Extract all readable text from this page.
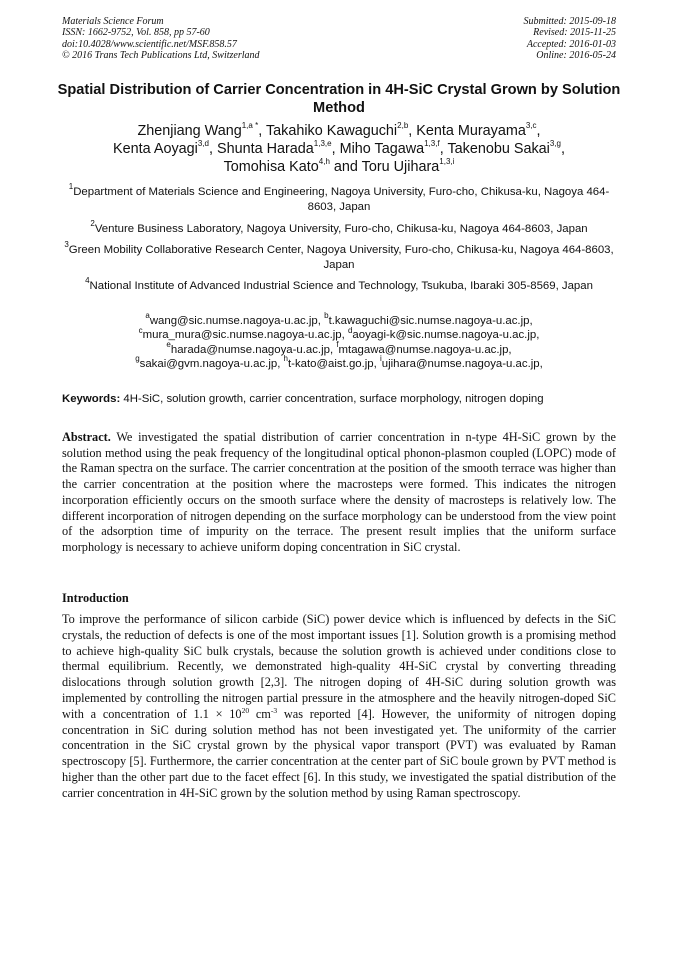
Materials Science Forum
ISSN: 1662-9752, Vol. 858, pp 57-60
doi:10.4028/www.scientific.net/MSF.858.57
© 2016 Trans Tech Publications Ltd, Switzerland
Submitted: 2015-09-18
Revised: 2015-11-25
Accepted: 2016-01-03
Online: 2016-05-24
Spatial Distribution of Carrier Concentration in 4H-SiC Crystal Grown by Solution Method
Zhenjiang Wang$^{1,a *}$, Takahiko Kawaguchi$^{2,b}$, Kenta Murayama$^{3,c}$,
Kenta Aoyagi$^{3,d}$, Shunta Harada$^{1,3,e}$, Miho Tagawa$^{1,3,f}$, Takenobu Sakai$^{3,g}$,
Tomohisa Kato$^{4,h}$ and Toru Ujihara$^{1,3,i}$
$^1$Department of Materials Science and Engineering, Nagoya University, Furo-cho, Chikusa-ku, Nagoya 464-8603, Japan
$^2$Venture Business Laboratory, Nagoya University, Furo-cho, Chikusa-ku, Nagoya 464-8603, Japan
$^3$Green Mobility Collaborative Research Center, Nagoya University, Furo-cho, Chikusa-ku, Nagoya 464-8603, Japan
$^4$National Institute of Advanced Industrial Science and Technology, Tsukuba, Ibaraki 305-8569, Japan
$^a$wang@sic.numse.nagoya-u.ac.jp, $^b$t.kawaguchi@sic.numse.nagoya-u.ac.jp,
$^c$mura_mura@sic.numse.nagoya-u.ac.jp, $^d$aoyagi-k@sic.numse.nagoya-u.ac.jp,
$^e$harada@numse.nagoya-u.ac.jp, $^f$mtagawa@numse.nagoya-u.ac.jp,
$^g$sakai@gvm.nagoya-u.ac.jp, $^h$t-kato@aist.go.jp, $^i$ujihara@numse.nagoya-u.ac.jp,
Keywords: 4H-SiC, solution growth, carrier concentration, surface morphology, nitrogen doping
Abstract. We investigated the spatial distribution of carrier concentration in n-type 4H-SiC grown by the solution method using the peak frequency of the longitudinal optical phonon-plasmon coupled (LOPC) mode of the Raman spectra on the surface. The carrier concentration at the position of the smooth terrace was higher than the carrier concentration at the position where the macrosteps were formed. This indicates the nitrogen incorporation efficiently occurs on the smooth surface where the density of macrosteps is relatively low. The different incorporation of nitrogen depending on the surface morphology can be understood from the view point of the adsorption time of impurity on the terrace. The present result implies that the uniform surface morphology is necessary to achieve uniform doping concentration in SiC crystal.
Introduction
To improve the performance of silicon carbide (SiC) power device which is influenced by defects in the SiC crystals, the reduction of defects is one of the most important issues [1]. Solution growth is a promising method to achieve high-quality SiC bulk crystals, because the solution growth is achieved under conditions close to thermal equilibrium. Recently, we demonstrated high-quality 4H-SiC crystal by converting threading dislocations through solution growth [2,3]. The nitrogen doping of 4H-SiC during solution growth was implemented by controlling the nitrogen partial pressure in the atmosphere and the heavily nitrogen-doped SiC with a concentration of $1.1 \times 10^{20}$ $cm^{-3}$ was reported [4]. However, the uniformity of nitrogen doping concentration in SiC during solution method has not been investigated yet. The uniformity of the carrier concentration in the SiC crystal grown by the physical vapor transport (PVT) was evaluated by Raman spectroscopy [5]. Furthermore, the carrier concentration at the center part of SiC boule grown by PVT method is higher than the other part due to the facet effect [6]. In this study, we investigated the spatial distribution of the carrier concentration in 4H-SiC grown by the solution method by using Raman spectroscopy.
